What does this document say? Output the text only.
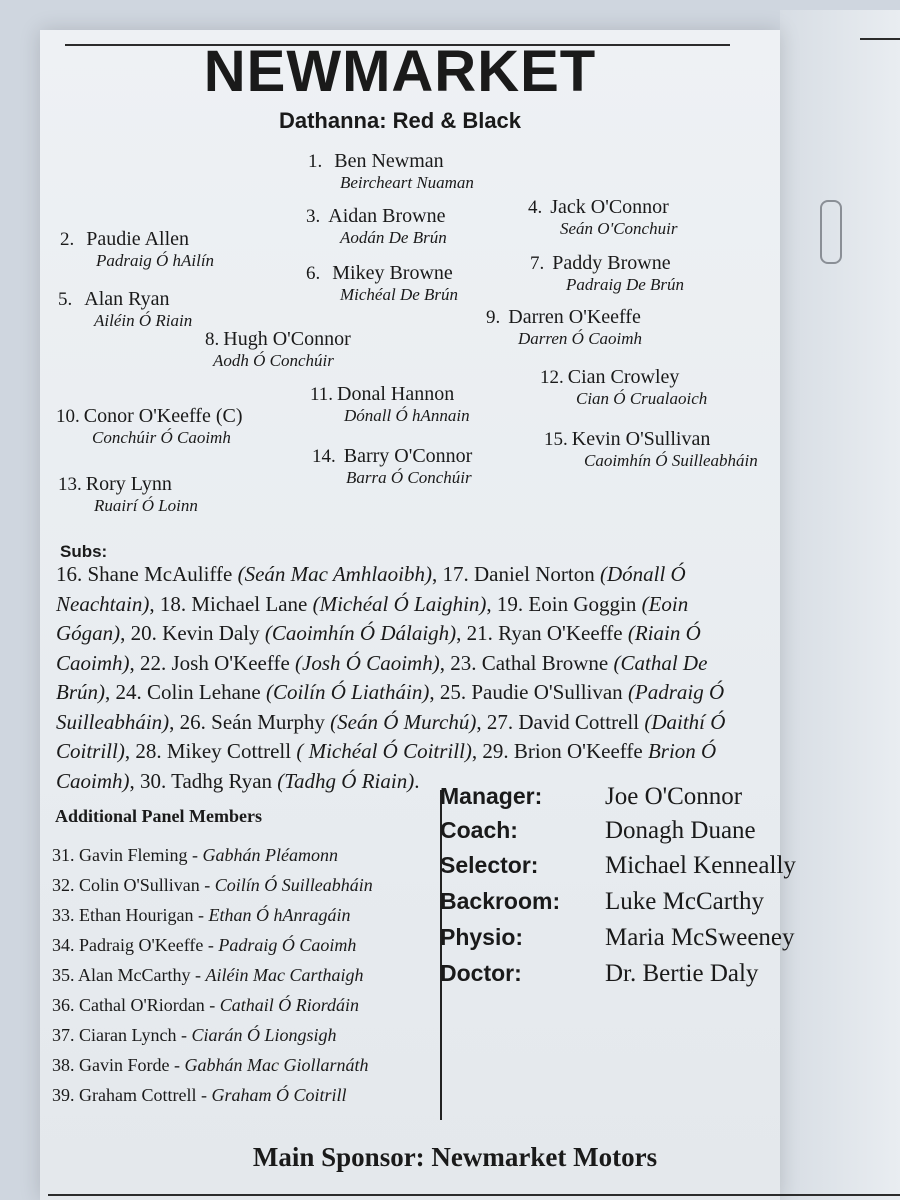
NEWMARKET
Dathanna: Red & Black
1. Ben Newman
Beircheart Nuaman
2. Paudie Allen
Padraig Ó hAilín
3. Aidan Browne
Aodán De Brún
4. Jack O'Connor
Seán O'Conchuir
5. Alan Ryan
Ailéin Ó Riain
6. Mikey Browne
Michéal De Brún
7. Paddy Browne
Padraig De Brún
8. Hugh O'Connor
Aodh Ó Conchúir
9. Darren O'Keeffe
Darren Ó Caoimh
10. Conor O'Keeffe (C)
Conchúir Ó Caoimh
11. Donal Hannon
Dónall Ó hAnnain
12. Cian Crowley
Cian Ó Crualaoich
13. Rory Lynn
Ruairí Ó Loinn
14. Barry O'Connor
Barra Ó Conchúir
15. Kevin O'Sullivan
Caoimhín Ó Suilleabháin
Subs:
16. Shane McAuliffe (Seán Mac Amhlaoibh), 17. Daniel Norton (Dónall Ó
Neachtain), 18. Michael Lane (Michéal Ó Laighin), 19. Eoin Goggin (Eoin
Gógan), 20. Kevin Daly (Caoimhín Ó Dálaigh), 21. Ryan O'Keeffe (Riain Ó
Caoimh), 22. Josh O'Keeffe (Josh Ó Caoimh), 23. Cathal Browne (Cathal De
Brún), 24. Colin Lehane (Coilín Ó Liatháin), 25. Paudie O'Sullivan (Padraig Ó
Suilleabháin), 26. Seán Murphy (Seán Ó Murchú), 27. David Cottrell (Daithí Ó
Coitrill), 28. Mikey Cottrell ( Michéal Ó Coitrill), 29. Brion O'Keeffe Brion Ó
Caoimh), 30. Tadhg Ryan (Tadhg Ó Riain).
Additional Panel Members
31. Gavin Fleming - Gabhán Pléamonn
32. Colin O'Sullivan - Coilín Ó Suilleabháin
33. Ethan Hourigan - Ethan Ó hAnragáin
34. Padraig O'Keeffe - Padraig Ó Caoimh
35. Alan McCarthy - Ailéin Mac Carthaigh
36. Cathal O'Riordan - Cathail Ó Riordáin
37. Ciaran Lynch - Ciarán Ó Liongsigh
38. Gavin Forde - Gabhán Mac Giollarnáth
39. Graham Cottrell - Graham Ó Coitrill
Manager:	Joe O'Connor
Coach:	Donagh Duane
Selector:	Michael Kenneally
Backroom: Luke McCarthy
Physio:	Maria McSweeney
Doctor:	Dr. Bertie Daly
Main Sponsor: Newmarket Motors
